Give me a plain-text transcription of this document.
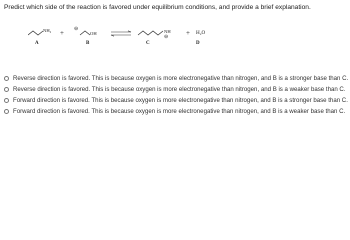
Predict which side of the reaction is favored under equilibrium conditions, and provide a brief explanation.
NH₂ + ⊖
OH	NH
⊖
+ H₂O
A	B	C	D
Reverse direction is favored. This is because oxygen is more electronegative than nitrogen, and B is a stronger base than C.
Reverse direction is favored. This is because oxygen is more electronegative than nitrogen, and B is a weaker base than C.
Forward direction is favored. This is because oxygen is more electronegative than nitrogen, and B is a stronger base than C.
Forward direction is favored. This is because oxygen is more electronegative than nitrogen, and B is a weaker base than C.
